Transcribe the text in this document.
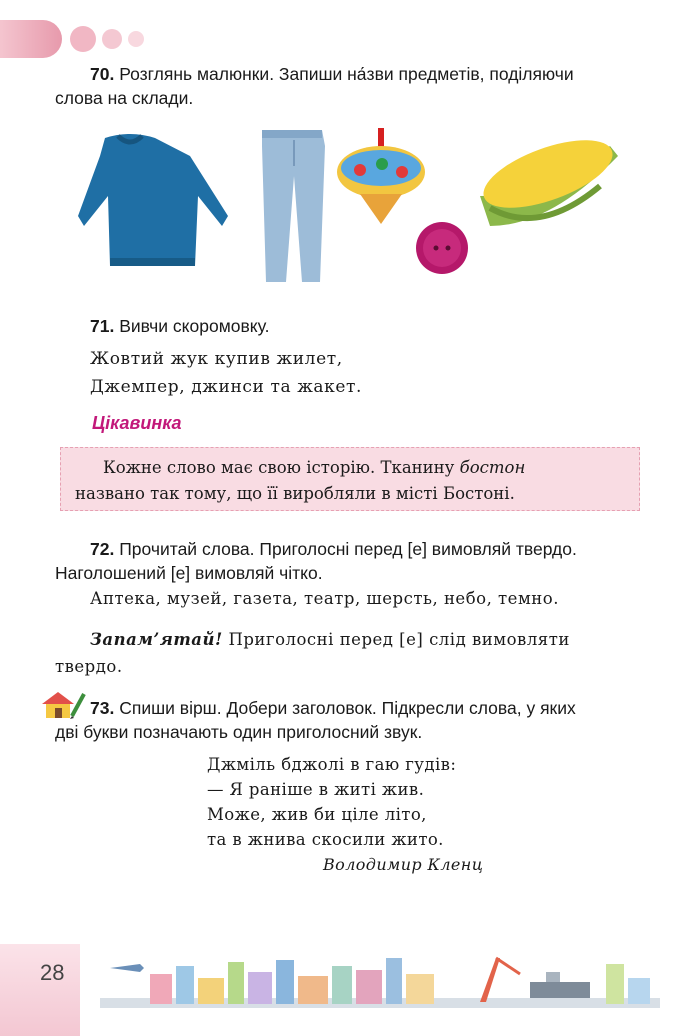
70. Розглянь малюнки. Запиши на́зви предметів, поділяючи
слова на склади.
71. Вивчи скоромовку.
Жовтий жук купив жилет,
Джемпер, джинси та жакет.
Цікавинка
Кожне слово має свою історію. Тканину бостон
названо так тому, що її виробляли в місті Бостоні.
72. Прочитай слова. Приголосні перед [е] вимовляй твердо.
Наголошений [е] вимовляй чітко.
Аптека, музей, газета, театр, шерсть, небо, темно.
Запам’ятай! Приголосні перед [е] слід вимовляти
твердо.
73. Спиши вірш. Добери заголовок. Підкресли слова, у яких
дві букви позначають один приголосний звук.
Джміль бджолі в гаю гудів:
— Я раніше в житі жив.
Може, жив би ціле літо,
та в жнива скосили жито.
Володимир Кленц
28
